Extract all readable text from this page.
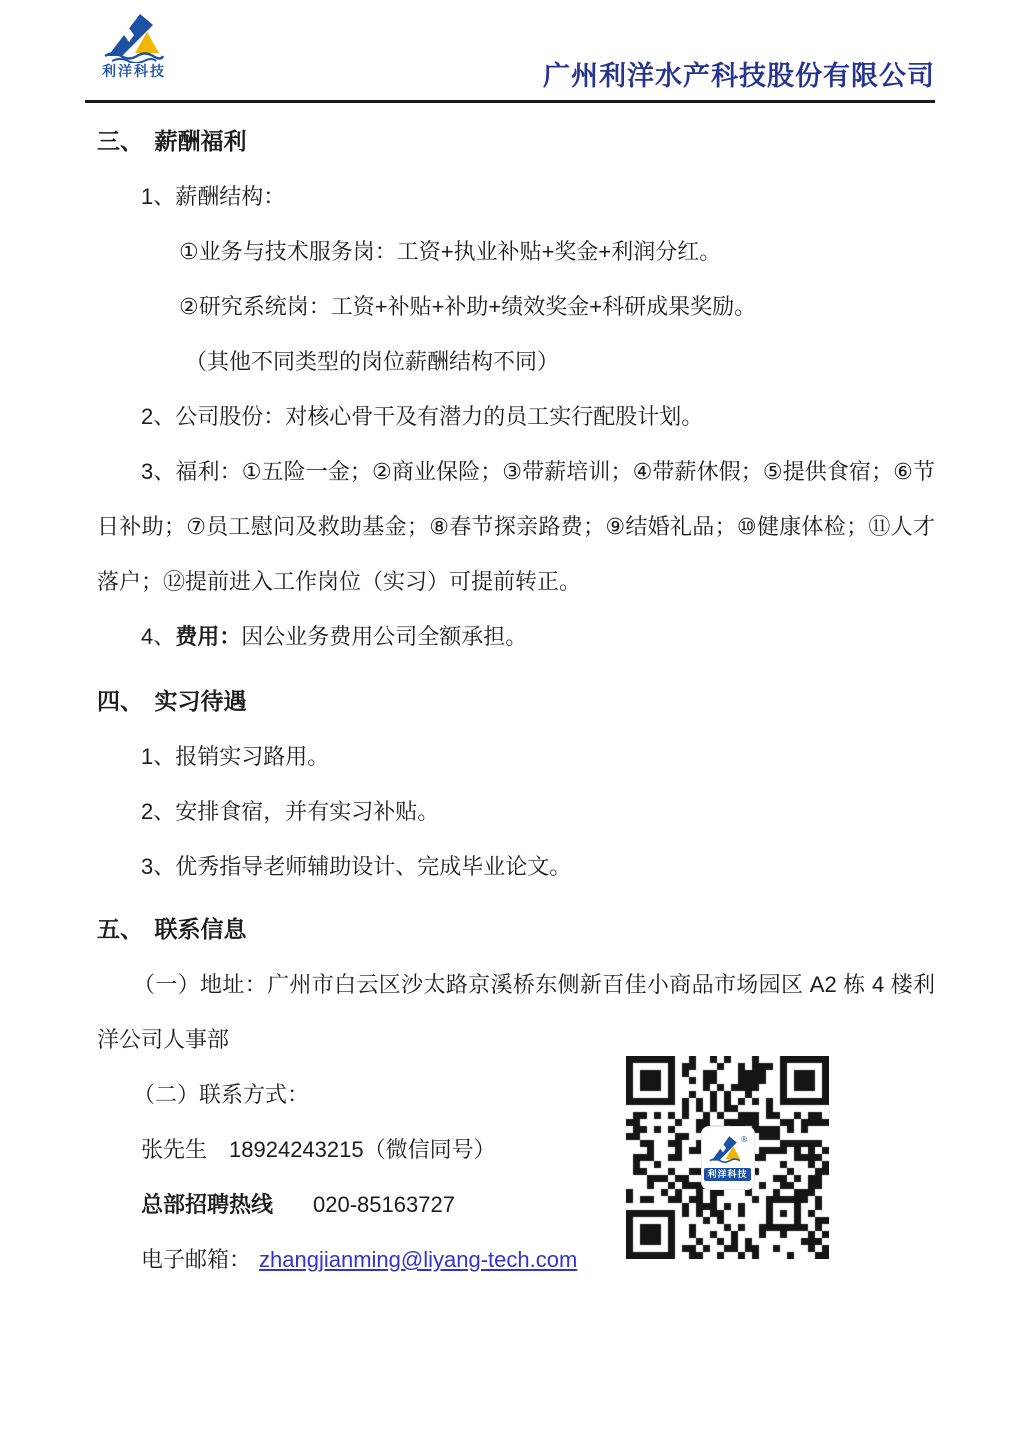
利洋科技	广州利洋水产科技股份有限公司

三、　薪酬福利

1、薪酬结构：

①业务与技术服务岗：工资+执业补贴+奖金+利润分红。

②研究系统岗：工资+补贴+补助+绩效奖金+科研成果奖励。

（其他不同类型的岗位薪酬结构不同）

2、公司股份：对核心骨干及有潜力的员工实行配股计划。

3、福利：①五险一金；②商业保险；③带薪培训；④带薪休假；⑤提供食宿；⑥节日补助；⑦员工慰问及救助基金；⑧春节探亲路费；⑨结婚礼品；⑩健康体检；⑪人才落户；⑫提前进入工作岗位（实习）可提前转正。

4、费用：因公业务费用公司全额承担。

四、　实习待遇

1、报销实习路用。

2、安排食宿，并有实习补贴。

3、优秀指导老师辅助设计、完成毕业论文。

五、　联系信息

（一）地址：广州市白云区沙太路京溪桥东侧新百佳小商品市场园区 A2 栋 4 楼利洋公司人事部

（二）联系方式：

张先生 18924243215（微信同号）

总部招聘热线 020-85163727

电子邮箱： zhangjianming@liyang-tech.com

®
利洋科技
